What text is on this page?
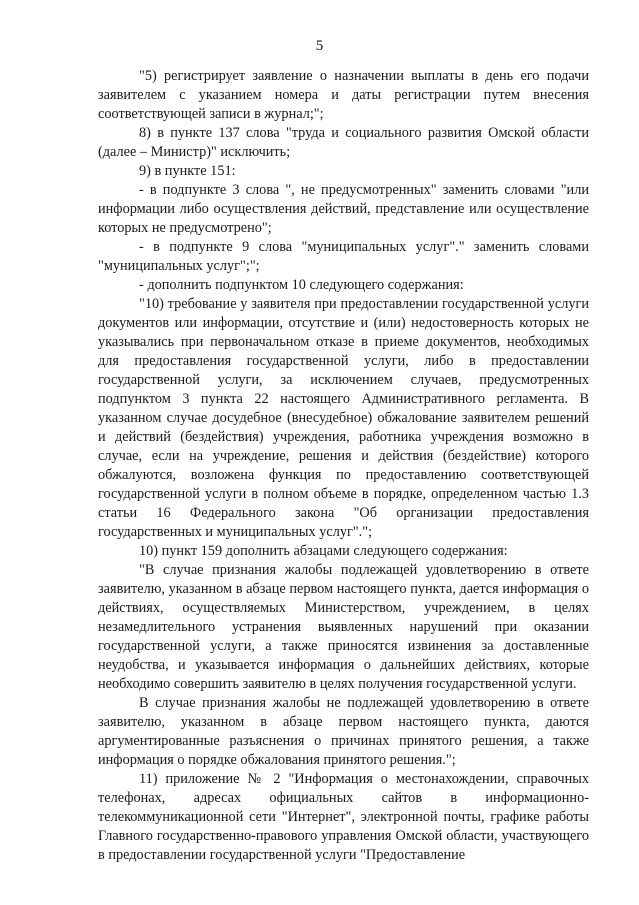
5

"5) регистрирует заявление о назначении выплаты в день его подачи заявителем с указанием номера и даты регистрации путем внесения соответствующей записи в журнал;";

8) в пункте 137 слова "труда и социального развития Омской области (далее – Министр)" исключить;

9) в пункте 151:

- в подпункте 3 слова ", не предусмотренных" заменить словами "или информации либо осуществления действий, представление или осуществление которых не предусмотрено";

- в подпункте 9 слова "муниципальных услуг"." заменить словами "муниципальных услуг";";

- дополнить подпунктом 10 следующего содержания:

"10) требование у заявителя при предоставлении государственной услуги документов или информации, отсутствие и (или) недостоверность которых не указывались при первоначальном отказе в приеме документов, необходимых для предоставления государственной услуги, либо в предоставлении государственной услуги, за исключением случаев, предусмотренных подпунктом 3 пункта 22 настоящего Административного регламента. В указанном случае досудебное (внесудебное) обжалование заявителем решений и действий (бездействия) учреждения, работника учреждения возможно в случае, если на учреждение, решения и действия (бездействие) которого обжалуются, возложена функция по предоставлению соответствующей государственной услуги в полном объеме в порядке, определенном частью 1.3 статьи 16 Федерального закона "Об организации предоставления государственных и муниципальных услуг".";

10) пункт 159 дополнить абзацами следующего содержания:

"В случае признания жалобы подлежащей удовлетворению в ответе заявителю, указанном в абзаце первом настоящего пункта, дается информация о действиях, осуществляемых Министерством, учреждением, в целях незамедлительного устранения выявленных нарушений при оказании государственной услуги, а также приносятся извинения за доставленные неудобства, и указывается информация о дальнейших действиях, которые необходимо совершить заявителю в целях получения государственной услуги.

В случае признания жалобы не подлежащей удовлетворению в ответе заявителю, указанном в абзаце первом настоящего пункта, даются аргументированные разъяснения о причинах принятого решения, а также информация о порядке обжалования принятого решения.";

11) приложение № 2 "Информация о местонахождении, справочных телефонах, адресах официальных сайтов в информационно-телекоммуникационной сети "Интернет", электронной почты, графике работы Главного государственно-правового управления Омской области, участвующего в предоставлении государственной услуги "Предоставление
